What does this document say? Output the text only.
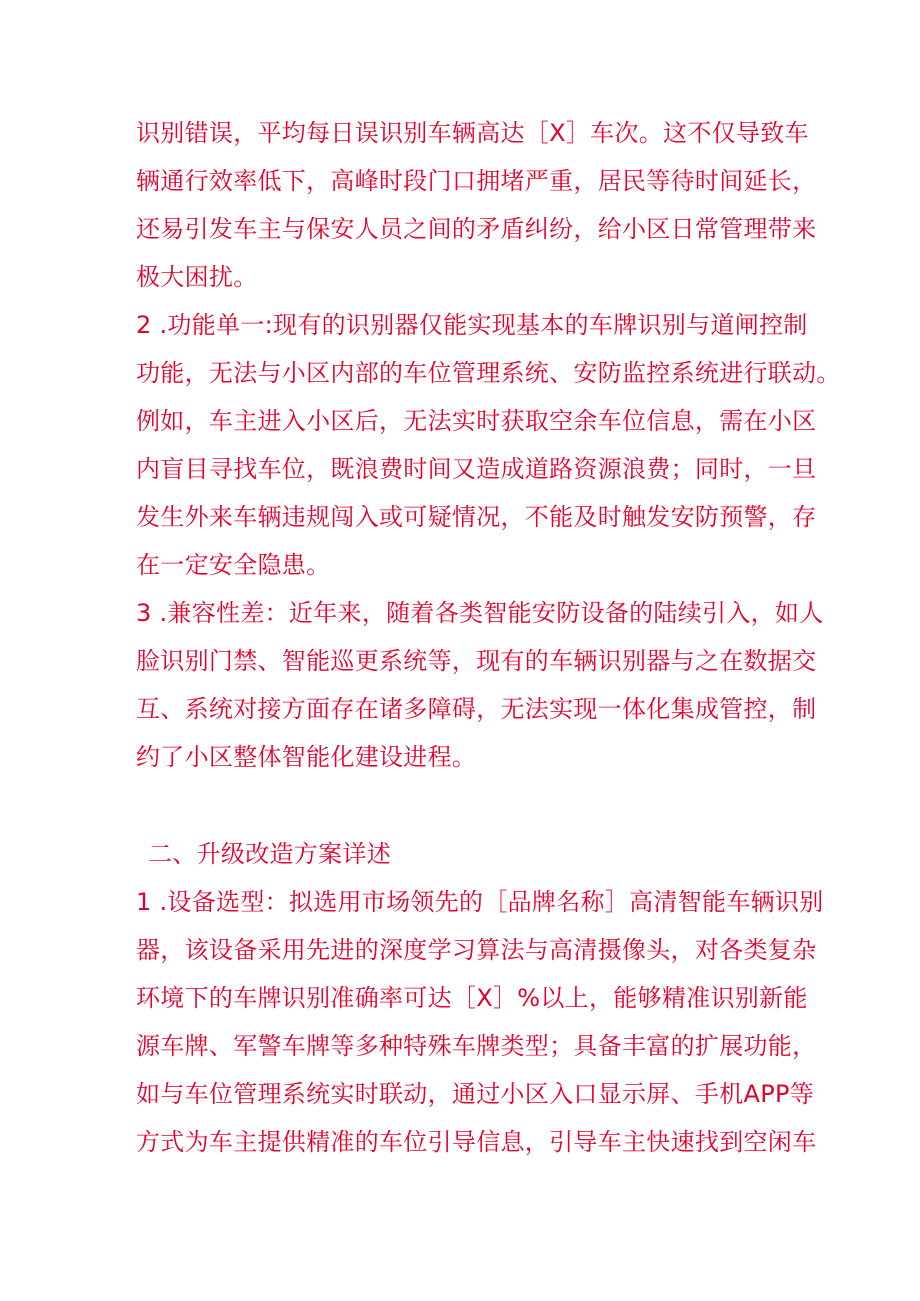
识别错误，平均每日误识别车辆高达［X］车次。这不仅导致车
辆通行效率低下，高峰时段门口拥堵严重，居民等待时间延长，
还易引发车主与保安人员之间的矛盾纠纷，给小区日常管理带来
极大困扰。
2 .功能单一:现有的识别器仅能实现基本的车牌识别与道闸控制
功能，无法与小区内部的车位管理系统、安防监控系统进行联动。
例如，车主进入小区后，无法实时获取空余车位信息，需在小区
内盲目寻找车位，既浪费时间又造成道路资源浪费；同时，一旦
发生外来车辆违规闯入或可疑情况，不能及时触发安防预警，存
在一定安全隐患。
3 .兼容性差：近年来，随着各类智能安防设备的陆续引入，如人
脸识别门禁、智能巡更系统等，现有的车辆识别器与之在数据交
互、系统对接方面存在诸多障碍，无法实现一体化集成管控，制
约了小区整体智能化建设进程。
二、升级改造方案详述
1 .设备选型：拟选用市场领先的［品牌名称］高清智能车辆识别
器，该设备采用先进的深度学习算法与高清摄像头，对各类复杂
环境下的车牌识别准确率可达［X］%以上，能够精准识别新能
源车牌、军警车牌等多种特殊车牌类型；具备丰富的扩展功能，
如与车位管理系统实时联动，通过小区入口显示屏、手机APP等
方式为车主提供精准的车位引导信息，引导车主快速找到空闲车
